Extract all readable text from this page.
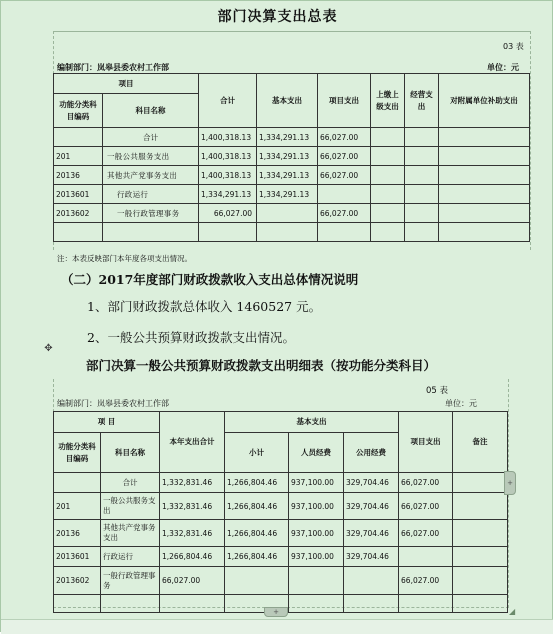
部门决算支出总表
03 表
编制部门：岚皋县委农村工作部	单位：元
项目		合计	基本支出	项目支出	上缴上级支出	经营支出	对附属单位补助支出
功能分类科目编码	科目名称						
	合计	1,400,318.13	1,334,291.13	66,027.00			
201	一般公共服务支出	1,400,318.13	1,334,291.13	66,027.00			
20136	其他共产党事务支出	1,400,318.13	1,334,291.13	66,027.00			
2013601	行政运行	1,334,291.13	1,334,291.13				
2013602	一般行政管理事务	66,027.00		66,027.00			

注：本表反映部门本年度各项支出情况。
（二）2017年度部门财政拨款收入支出总体情况说明
1、部门财政拨款总体收入 1460527 元。
2、一般公共预算财政拨款支出情况。
✥
部门决算一般公共预算财政拨款支出明细表（按功能分类科目）
05 表
编制部门：岚皋县委农村工作部	单位：元
项 目		本年支出合计	基本支出			项目支出	备注
功能分类科目编码	科目名称		小计	人员经费	公用经费		
	合计	1,332,831.46	1,266,804.46	937,100.00	329,704.46	66,027.00	
201	一般公共服务支出	1,332,831.46	1,266,804.46	937,100.00	329,704.46	66,027.00	
20136	其他共产党事务支出	1,332,831.46	1,266,804.46	937,100.00	329,704.46	66,027.00	
2013601	行政运行	1,266,804.46	1,266,804.46	937,100.00	329,704.46		
2013602	一般行政管理事务	66,027.00				66,027.00	

+
+	◢
